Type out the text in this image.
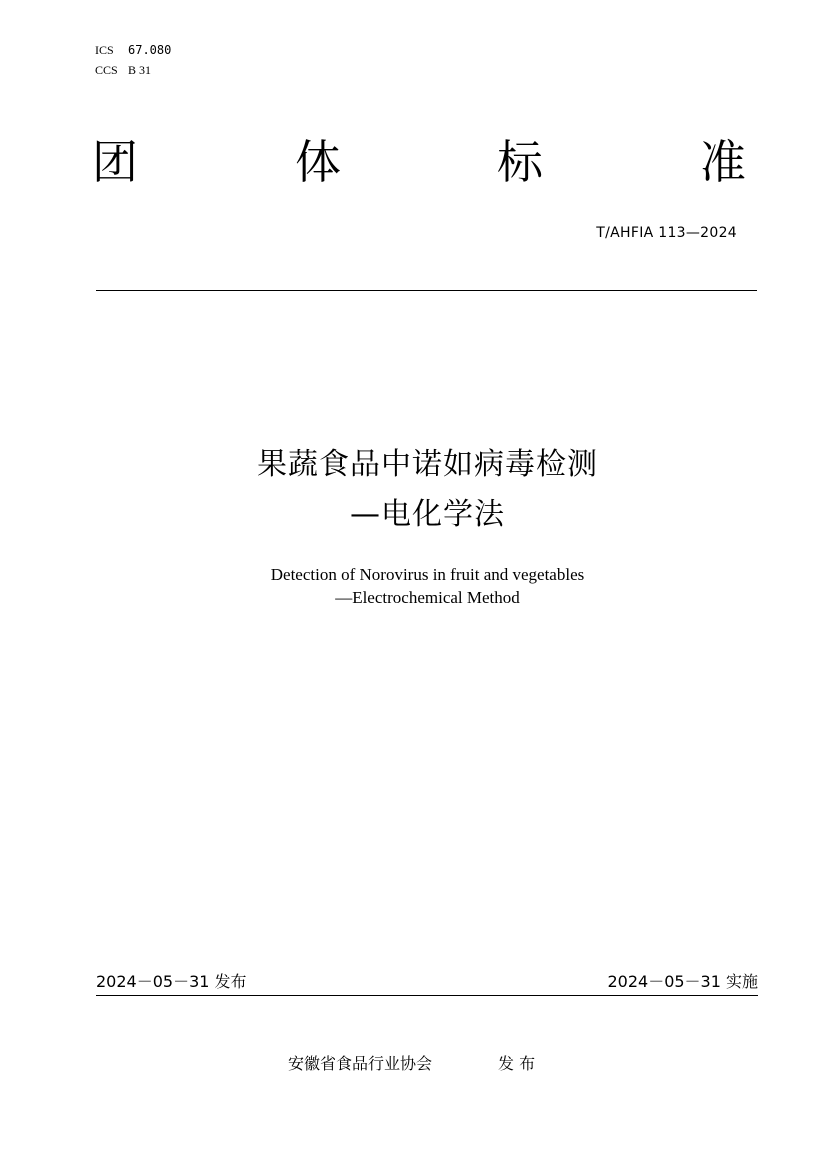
ICS 67.080
CCS B 31
团	体	标	准
T/AHFIA 113—2024
果蔬食品中诺如病毒检测
—电化学法
Detection of Norovirus in fruit and vegetables
—Electrochemical Method
2024－05－31 发布	2024－05－31 实施
安徽省食品行业协会	发 布
